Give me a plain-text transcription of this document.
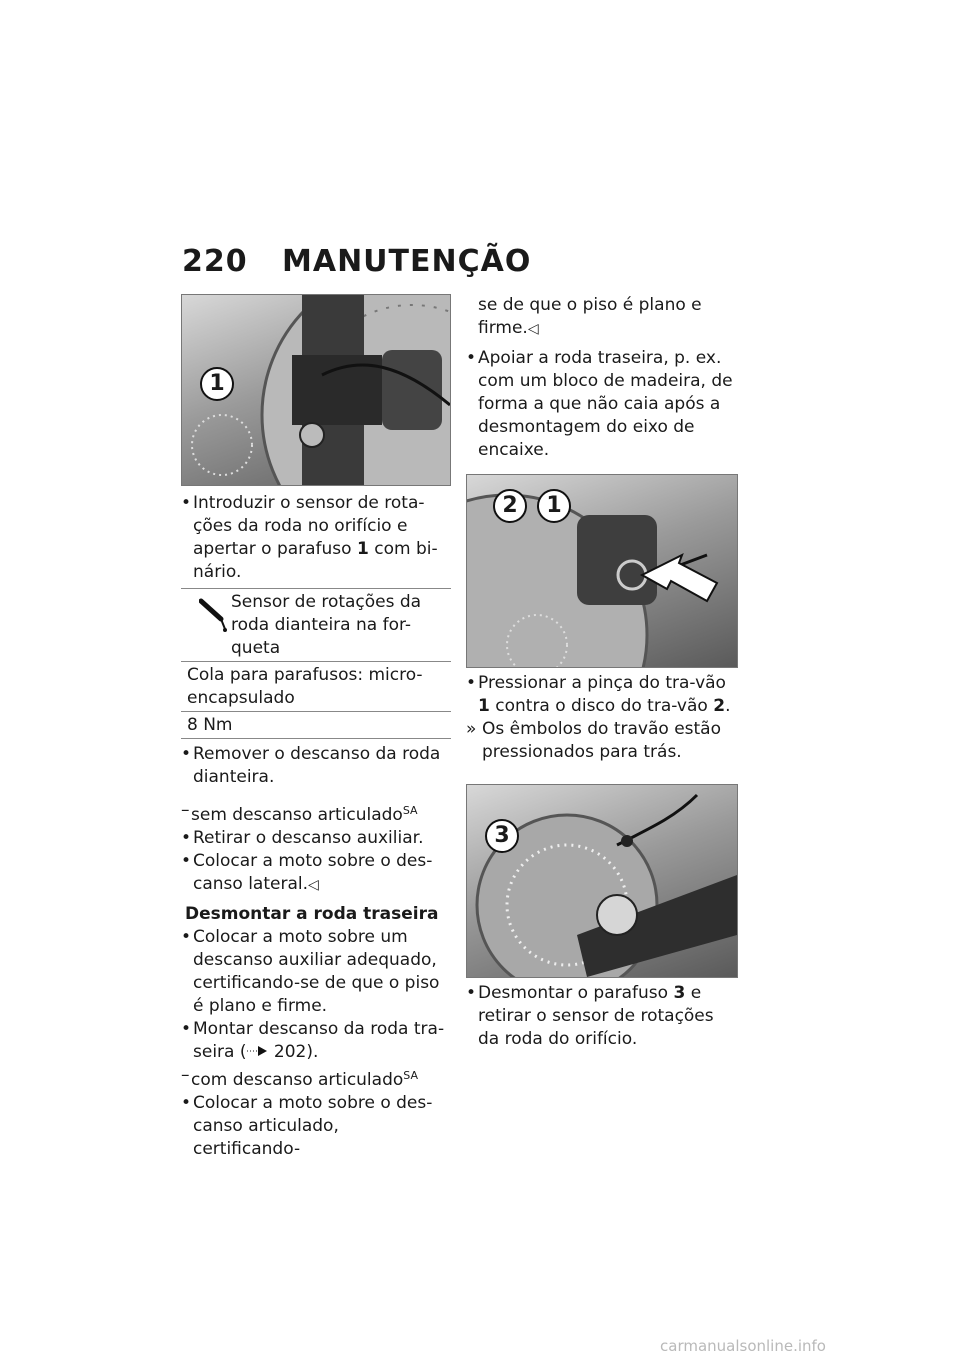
220 MANUTENÇÃO
1

• Introduzir o sensor de rota-ções da roda no orifício e apertar o parafuso 1 com bi-nário.

Sensor de rotações da roda dianteira na for-queta
Cola para parafusos: micro-encapsulado
8 Nm

• Remover o descanso da roda dianteira.

– sem descanso articulado$^{SA}$

• Retirar o descanso auxiliar.

• Colocar a moto sobre o des-canso lateral.◁

Desmontar a roda traseira

• Colocar a moto sobre um descanso auxiliar adequado, certificando-se de que o piso é plano e firme.

• Montar descanso da roda tra-seira ( 202).

– com descanso articulado$^{SA}$

• Colocar a moto sobre o des-canso articulado, certificando-

se de que o piso é plano e firme.◁

• Apoiar a roda traseira, p. ex. com um bloco de madeira, de forma a que não caia após a desmontagem do eixo de encaixe.

2	1

• Pressionar a pinça do tra-vão 1 contra o disco do tra-vão 2.

» Os êmbolos do travão estão pressionados para trás.

3

• Desmontar o parafuso 3 e retirar o sensor de rotações da roda do orifício.

carmanualsonline.info
